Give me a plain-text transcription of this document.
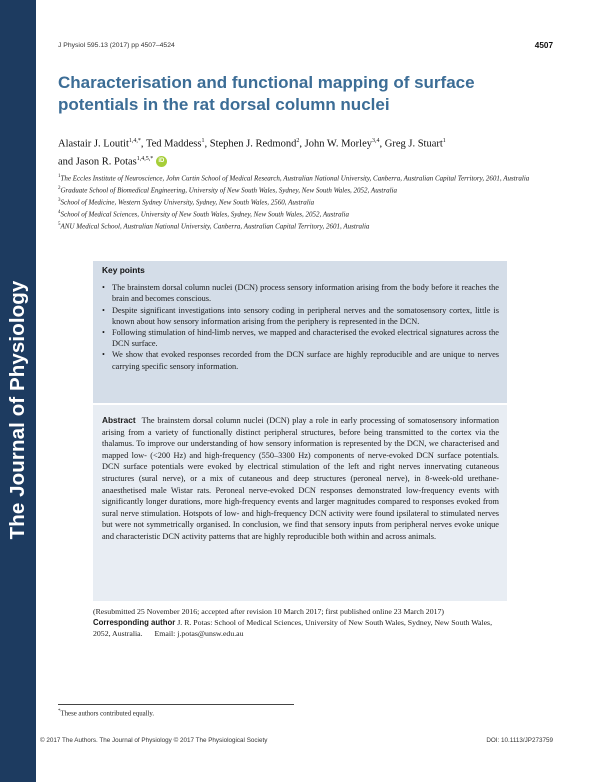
The Journal of Physiology
J Physiol 595.13 (2017) pp 4507–4524	4507
Characterisation and functional mapping of surface potentials in the rat dorsal column nuclei
Alastair J. Loutit$^{1,4,*}$, Ted Maddess$^1$, Stephen J. Redmond$^2$, John W. Morley$^{3,4}$, Greg J. Stuart$^1$
and Jason R. Potas$^{1,4,5,*}$ iD
$^1$The Eccles Institute of Neuroscience, John Curtin School of Medical Research, Australian National University, Canberra, Australian Capital Territory, 2601, Australia
$^2$Graduate School of Biomedical Engineering, University of New South Wales, Sydney, New South Wales, 2052, Australia
$^3$School of Medicine, Western Sydney University, Sydney, New South Wales, 2560, Australia
$^4$School of Medical Sciences, University of New South Wales, Sydney, New South Wales, 2052, Australia
$^5$ANU Medical School, Australian National University, Canberra, Australian Capital Territory, 2601, Australia
Key points
• The brainstem dorsal column nuclei (DCN) process sensory information arising from the body before it reaches the brain and becomes conscious.
• Despite significant investigations into sensory coding in peripheral nerves and the somatosensory cortex, little is known about how sensory information arising from the periphery is represented in the DCN.
• Following stimulation of hind-limb nerves, we mapped and characterised the evoked electrical signatures across the DCN surface.
• We show that evoked responses recorded from the DCN surface are highly reproducible and are unique to nerves carrying specific sensory information.
Abstract The brainstem dorsal column nuclei (DCN) play a role in early processing of somatosensory information arising from a variety of functionally distinct peripheral structures, before being transmitted to the cortex via the thalamus. To improve our understanding of how sensory information is represented by the DCN, we characterised and mapped low- (<200 Hz) and high-frequency (550–3300 Hz) components of nerve-evoked DCN surface potentials. DCN surface potentials were evoked by electrical stimulation of the left and right nerves innervating cutaneous structures (sural nerve), or a mix of cutaneous and deep structures (peroneal nerve), in 8-week-old urethane-anaesthetised male Wistar rats. Peroneal nerve-evoked DCN responses demonstrated low-frequency events with significantly longer durations, more high-frequency events and larger magnitudes compared to responses evoked from sural nerve stimulation. Hotspots of low- and high-frequency DCN activity were found ipsilateral to stimulated nerves but were not symmetrically organised. In conclusion, we find that sensory inputs from peripheral nerves evoke unique and characteristic DCN activity patterns that are highly reproducible both within and across animals.
(Resubmitted 25 November 2016; accepted after revision 10 March 2017; first published online 23 March 2017)
Corresponding author J. R. Potas: School of Medical Sciences, University of New South Wales, Sydney, New South Wales, 2052, Australia. Email: j.potas@unsw.edu.au
*These authors contributed equally.
© 2017 The Authors. The Journal of Physiology © 2017 The Physiological Society	DOI: 10.1113/JP273759
